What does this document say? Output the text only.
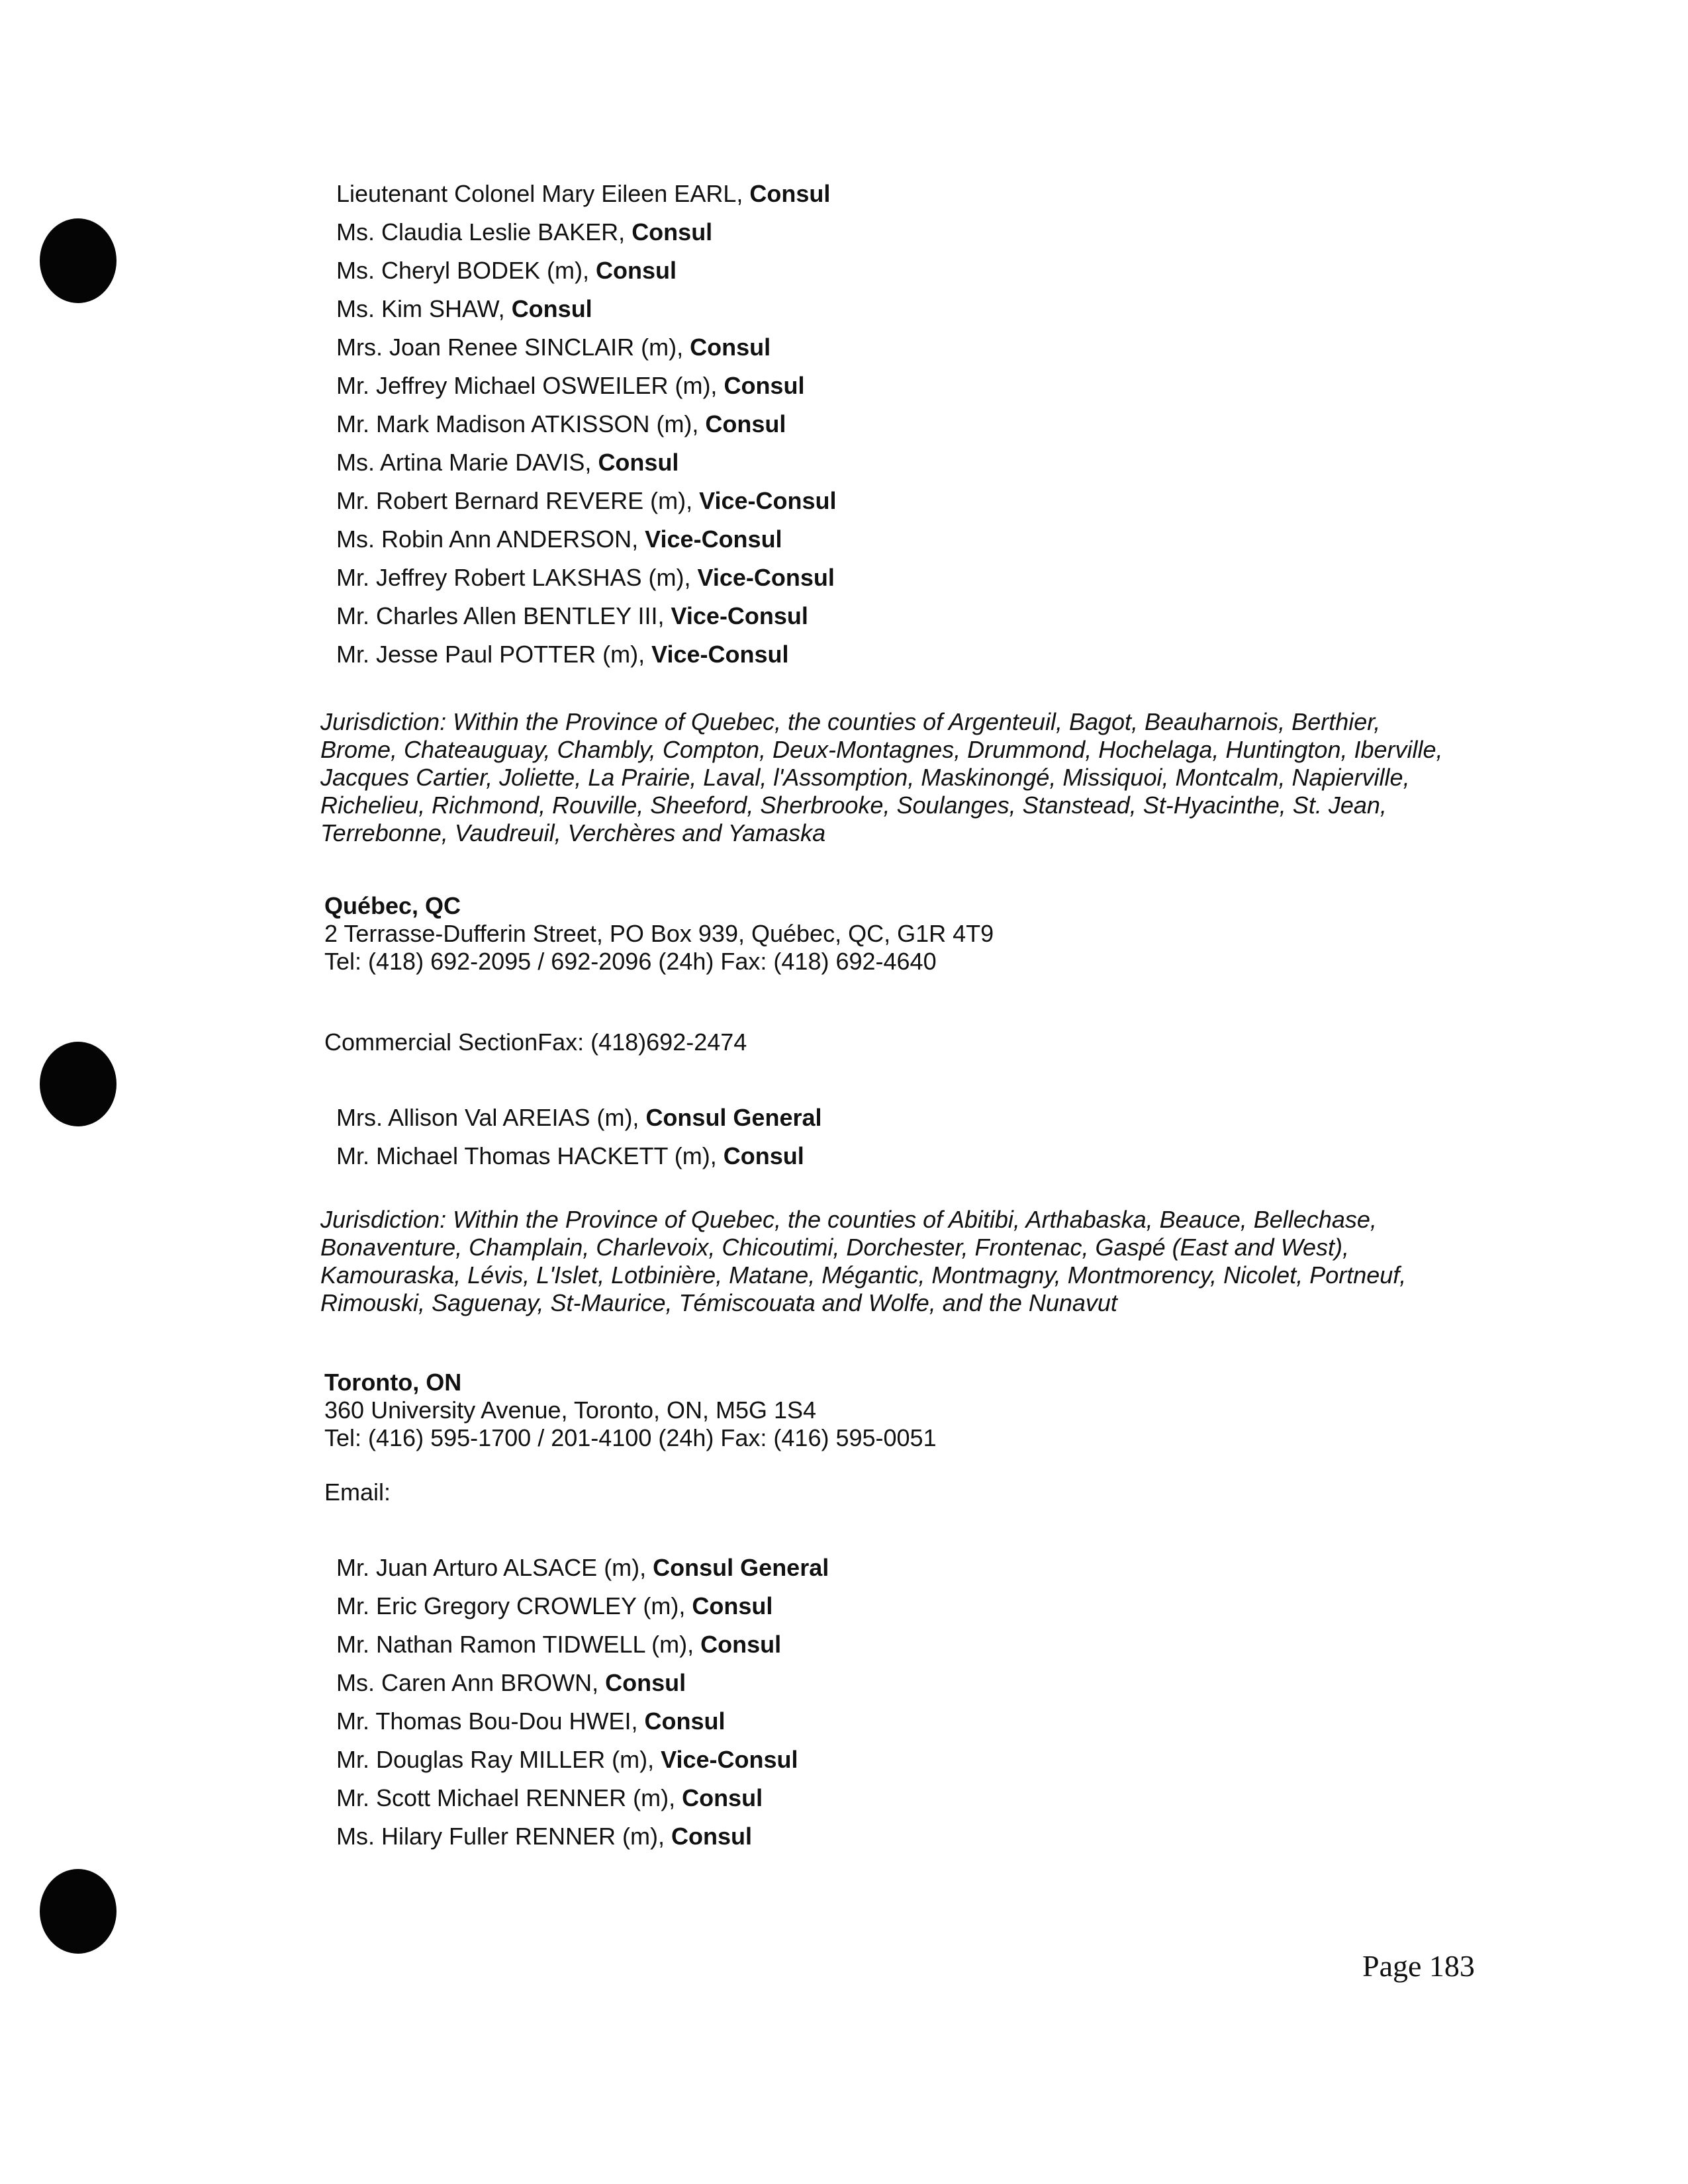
Lieutenant Colonel Mary Eileen EARL, Consul
Ms. Claudia Leslie BAKER, Consul
Ms. Cheryl BODEK (m), Consul
Ms. Kim SHAW, Consul
Mrs. Joan Renee SINCLAIR (m), Consul
Mr. Jeffrey Michael OSWEILER (m), Consul
Mr. Mark Madison ATKISSON (m), Consul
Ms. Artina Marie DAVIS, Consul
Mr. Robert Bernard REVERE (m), Vice-Consul
Ms. Robin Ann ANDERSON, Vice-Consul
Mr. Jeffrey Robert LAKSHAS (m), Vice-Consul
Mr. Charles Allen BENTLEY III, Vice-Consul
Mr. Jesse Paul POTTER (m), Vice-Consul

Jurisdiction: Within the Province of Quebec, the counties of Argenteuil, Bagot, Beauharnois, Berthier, Brome, Chateauguay, Chambly, Compton, Deux-Montagnes, Drummond, Hochelaga, Huntington, Iberville, Jacques Cartier, Joliette, La Prairie, Laval, l'Assomption, Maskinongé, Missiquoi, Montcalm, Napierville, Richelieu, Richmond, Rouville, Sheeford, Sherbrooke, Soulanges, Stanstead, St-Hyacinthe, St. Jean, Terrebonne, Vaudreuil, Verchères and Yamaska

Québec, QC
2 Terrasse-Dufferin Street, PO Box 939, Québec, QC, G1R 4T9
Tel: (418) 692-2095 / 692-2096 (24h) Fax: (418) 692-4640
Commercial SectionFax: (418)692-2474
Mrs. Allison Val AREIAS (m), Consul General
Mr. Michael Thomas HACKETT (m), Consul

Jurisdiction: Within the Province of Quebec, the counties of Abitibi, Arthabaska, Beauce, Bellechase, Bonaventure, Champlain, Charlevoix, Chicoutimi, Dorchester, Frontenac, Gaspé (East and West), Kamouraska, Lévis, L'Islet, Lotbinière, Matane, Mégantic, Montmagny, Montmorency, Nicolet, Portneuf, Rimouski, Saguenay, St-Maurice, Témiscouata and Wolfe, and the Nunavut

Toronto, ON
360 University Avenue, Toronto, ON, M5G 1S4
Tel: (416) 595-1700 / 201-4100 (24h) Fax: (416) 595-0051
Email:
Mr. Juan Arturo ALSACE (m), Consul General
Mr. Eric Gregory CROWLEY (m), Consul
Mr. Nathan Ramon TIDWELL (m), Consul
Ms. Caren Ann BROWN, Consul
Mr. Thomas Bou-Dou HWEI, Consul
Mr. Douglas Ray MILLER (m), Vice-Consul
Mr. Scott Michael RENNER (m), Consul
Ms. Hilary Fuller RENNER (m), Consul
Page 183
